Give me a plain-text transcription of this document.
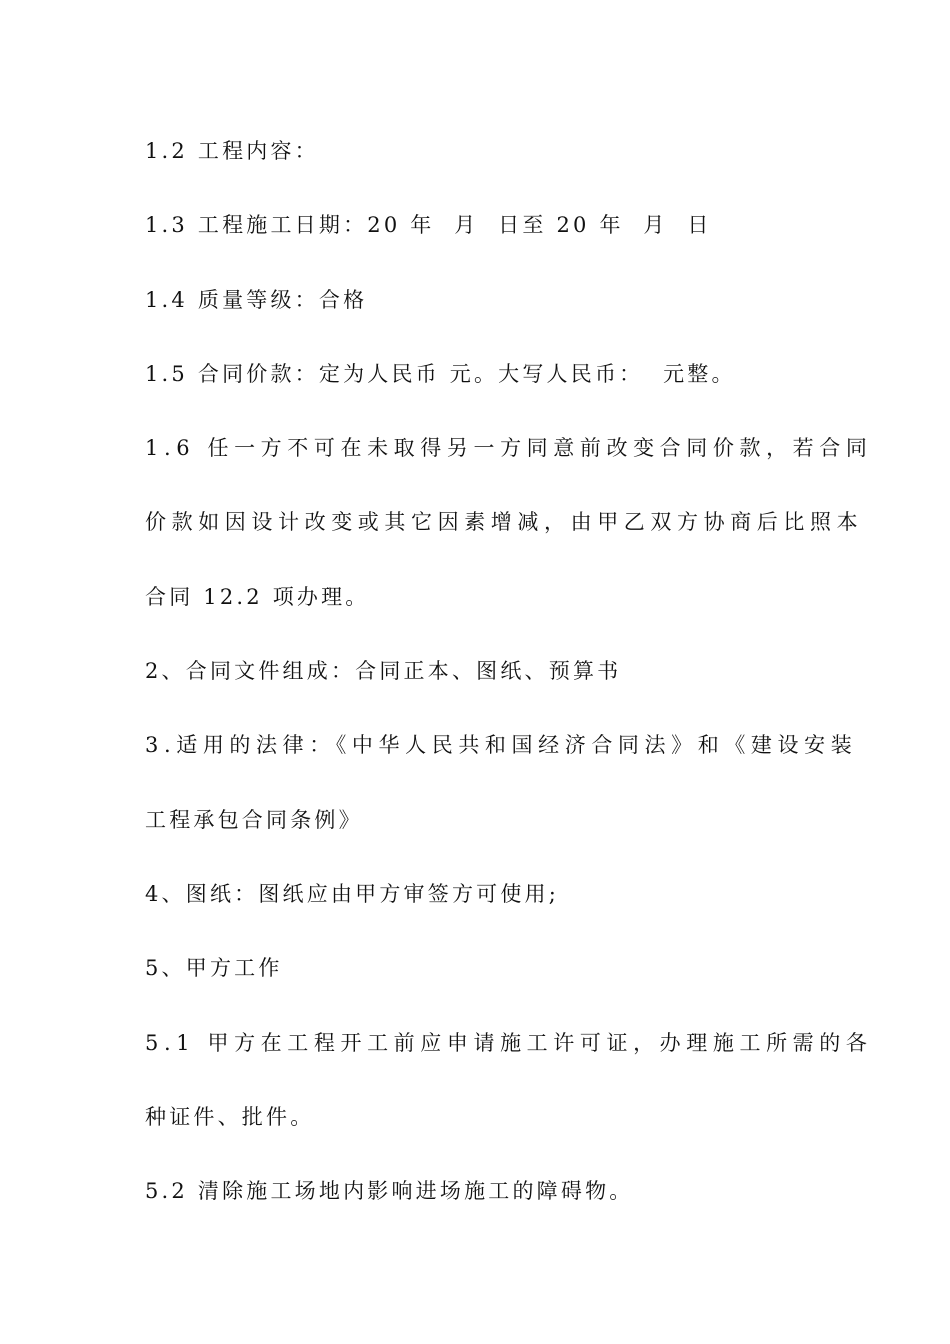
1.2 工程内容：
1.3 工程施工日期：20 年  月  日至 20 年  月  日
1.4 质量等级：合格
1.5 合同价款：定为人民币 元。大写人民币：  元整。
1.6 任一方不可在未取得另一方同意前改变合同价款，若合同
价款如因设计改变或其它因素增减，由甲乙双方协商后比照本
合同 12.2 项办理。
2、合同文件组成：合同正本、图纸、预算书
3.适用的法律：《中华人民共和国经济合同法》和《建设安装
工程承包合同条例》
4、图纸：图纸应由甲方审签方可使用;
5、甲方工作
5.1 甲方在工程开工前应申请施工许可证，办理施工所需的各
种证件、批件。
5.2 清除施工场地内影响进场施工的障碍物。
